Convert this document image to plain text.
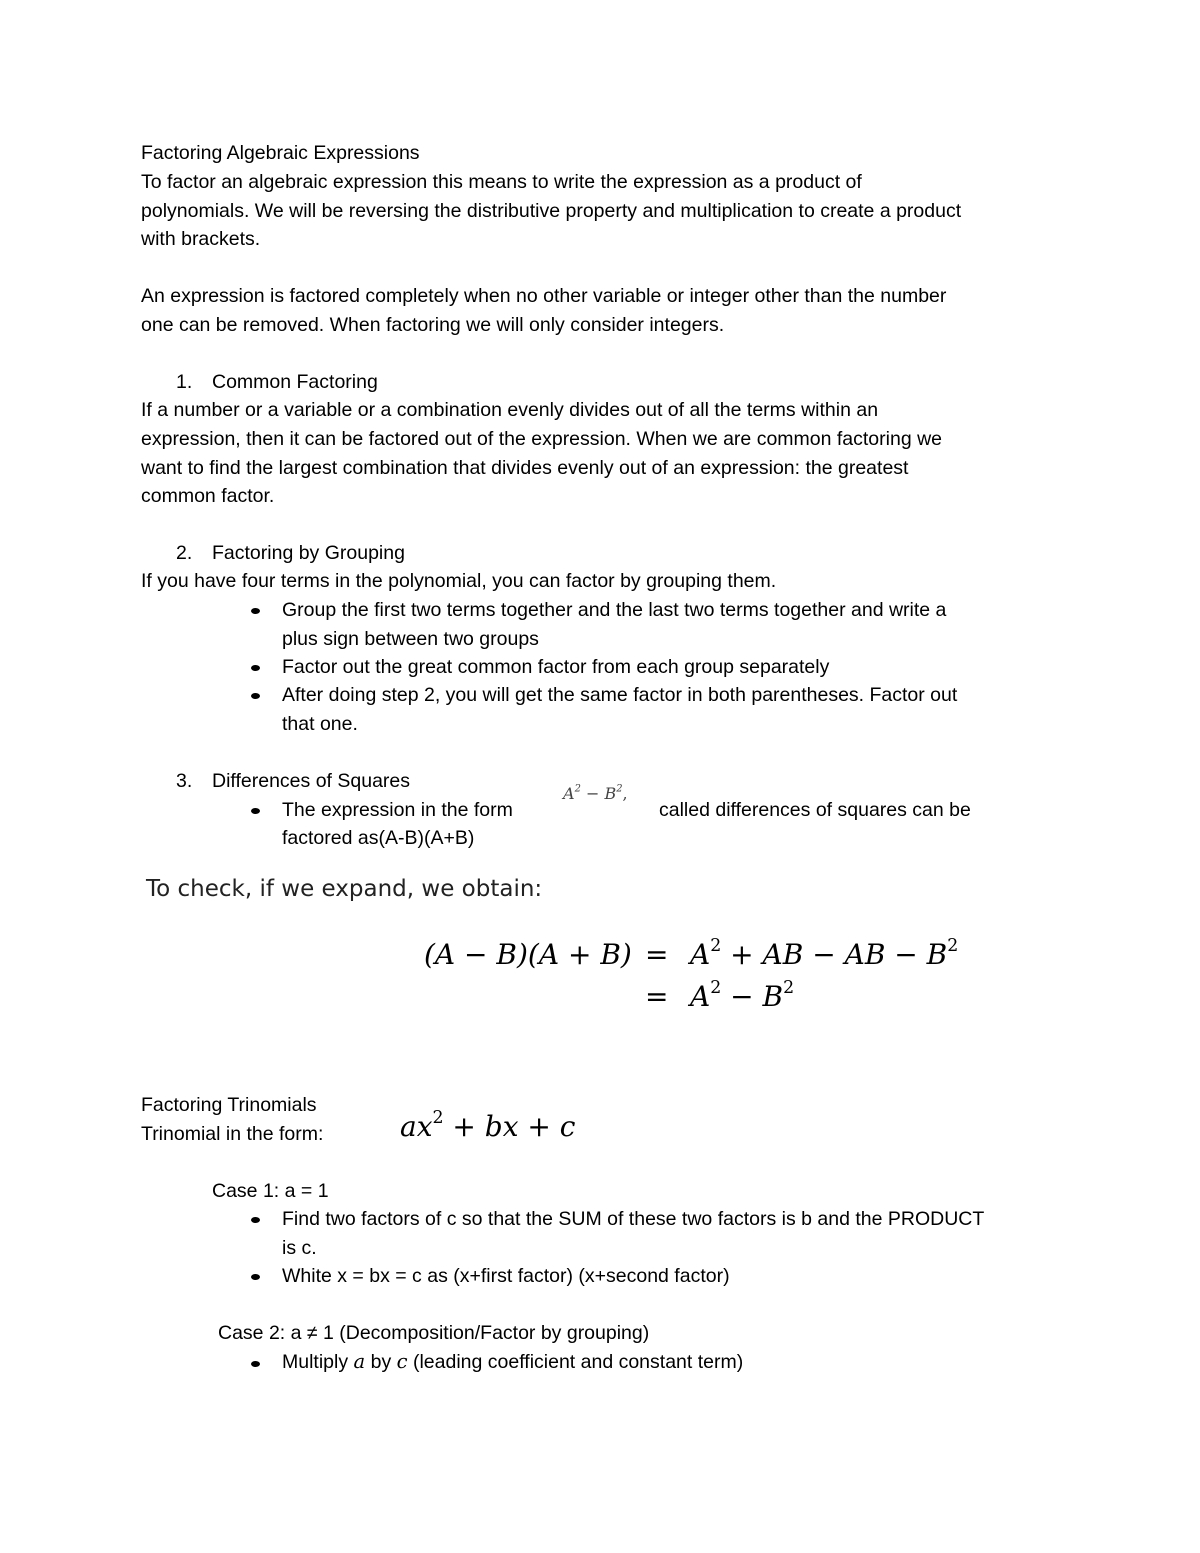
Factoring Algebraic Expressions
To factor an algebraic expression this means to write the expression as a product of
polynomials. We will be reversing the distributive property and multiplication to create a product
with brackets.
An expression is factored completely when no other variable or integer other than the number
one can be removed. When factoring we will only consider integers.
1. Common Factoring
If a number or a variable or a combination evenly divides out of all the terms within an
expression, then it can be factored out of the expression. When we are common factoring we
want to find the largest combination that divides evenly out of an expression: the greatest
common factor.
2. Factoring by Grouping
If you have four terms in the polynomial, you can factor by grouping them.
Group the first two terms together and the last two terms together and write a
plus sign between two groups
Factor out the great common factor from each group separately
After doing step 2, you will get the same factor in both parentheses. Factor out
that one.
3. Differences of Squares
The expression in the form
$A^2 - B^2$,
called differences of squares can be
factored as(A-B)(A+B)
To check, if we expand, we obtain:
$(A - B)(A + B) = A^2$ + AB − AB − $B^2$
= $A^2 - B^2$
Factoring Trinomials
Trinomial in the form:	$ax^2$ + bx + c
Case 1: a = 1
Find two factors of c so that the SUM of these two factors is b and the PRODUCT
is c.
White x = bx = c as (x+first factor) (x+second factor)
Case 2: a ≠ 1 (Decomposition/Factor by grouping)
Multiply a by c (leading coefficient and constant term)
